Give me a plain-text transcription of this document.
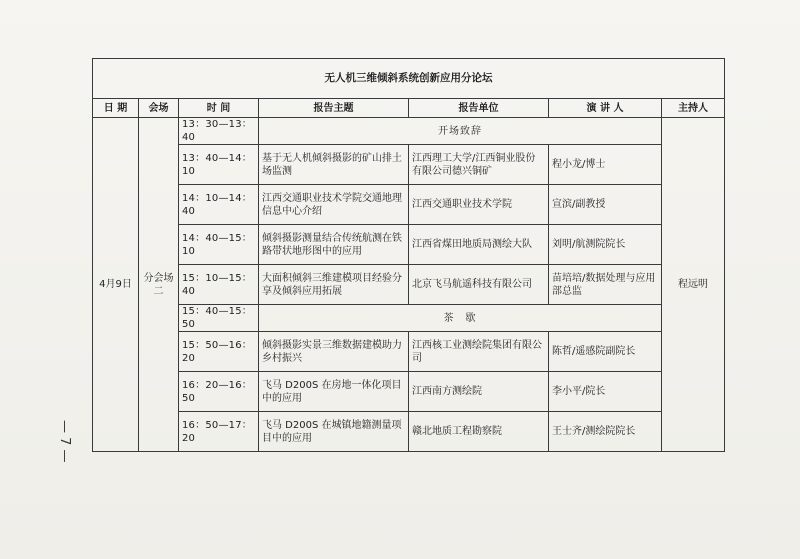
无人机三维倾斜系统创新应用分论坛						
日 期	会场	时 间	报告主题	报告单位	演 讲 人	主持人
4月9日	分会场二	13：30—13：40	开场致辞			程远明
		13：40—14：10	基于无人机倾斜摄影的矿山排土场监测	江西理工大学/江西铜业股份有限公司德兴铜矿	程小龙/博士	
		14：10—14：40	江西交通职业技术学院交通地理信息中心介绍	江西交通职业技术学院	宣滨/副教授	
		14：40—15：10	倾斜摄影测量结合传统航测在铁路带状地形图中的应用	江西省煤田地质局测绘大队	刘明/航测院院长	
		15：10—15：40	大面积倾斜三维建模项目经验分享及倾斜应用拓展	北京飞马航遥科技有限公司	苗培培/数据处理与应用部总监	
		15：40—15：50	茶　歇			
		15：50—16：20	倾斜摄影实景三维数据建模助力乡村振兴	江西核工业测绘院集团有限公司	陈哲/遥感院副院长	
		16：20—16：50	飞马 D200S 在房地一体化项目中的应用	江西南方测绘院	李小平/院长	
		16：50—17：20	飞马 D200S 在城镇地籍测量项目中的应用	赣北地质工程勘察院	王士齐/测绘院院长	
— 7 —
